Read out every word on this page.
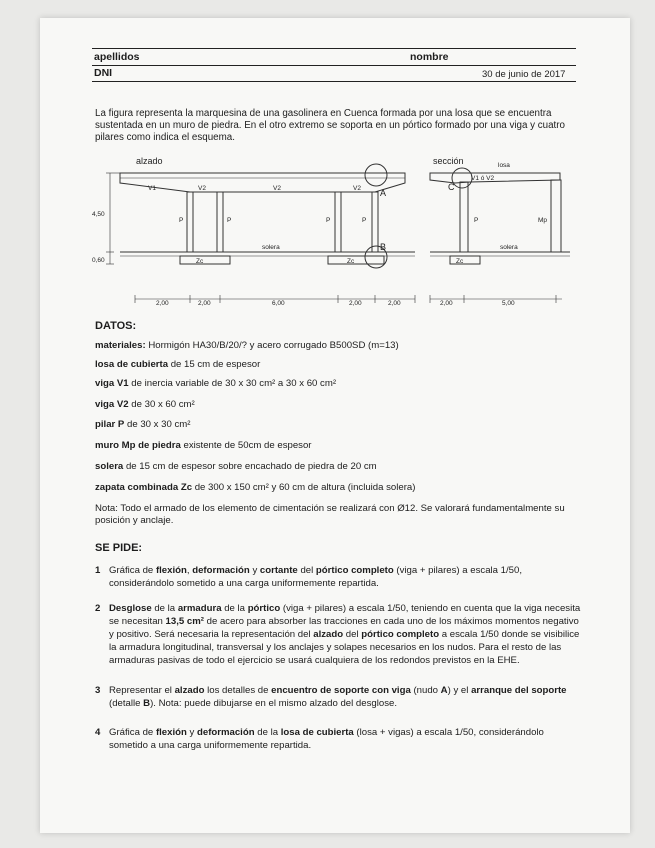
apellidos	nombre
DNI	30 de junio de 2017

La figura representa la marquesina de una gasolinera en Cuenca formada por una losa que se encuentra sustentada en un muro de piedra. En el otro extremo se soporta en un pórtico formado por una viga y cuatro pilares como indica el esquema.

alzado	sección	losa
V1	V2	V2	V2
V1 ó V2
P	P	P	P	P	Mp
Zc	Zc	Zc
solera	solera
A
B
C
4,50
0,60
2,00	2,00	6,00	2,00	2,00	2,00	5,00
DATOS:
materiales: Hormigón HA30/B/20/? y acero corrugado B500SD (m=13)
losa de cubierta de 15 cm de espesor
viga V1 de inercia variable de 30 x 30 cm² a 30 x 60 cm²
viga V2 de 30 x 60 cm²
pilar P de 30 x 30 cm²
muro Mp de piedra existente de 50cm de espesor
solera de 15 cm de espesor sobre encachado de piedra de 20 cm
zapata combinada Zc de 300 x 150 cm² y 60 cm de altura (incluida solera)

Nota: Todo el armado de los elemento de cimentación se realizará con Ø12. Se valorará fundamentalmente su posición y anclaje.

SE PIDE:
1 Gráfica de flexión, deformación y cortante del pórtico completo (viga + pilares) a escala 1/50, considerándolo sometido a una carga uniformemente repartida.

2 Desglose de la armadura de la pórtico (viga + pilares) a escala 1/50, teniendo en cuenta que la viga necesita se necesitan 13,5 cm² de acero para absorber las tracciones en cada uno de los máximos momentos negativo y positivo. Será necesaria la representación del alzado del pórtico completo a escala 1/50 donde se visibilice la armadura longitudinal, transversal y los anclajes y solapes necesarios en los nudos. Para el resto de las armaduras pasivas de todo el ejercicio se usará cualquiera de los redondos previstos en la EHE.

3 Representar el alzado los detalles de encuentro de soporte con viga (nudo A) y el arranque del soporte (detalle B). Nota: puede dibujarse en el mismo alzado del desglose.

4 Gráfica de flexión y deformación de la losa de cubierta (losa + vigas) a escala 1/50, considerándolo sometido a una carga uniformemente repartida.
